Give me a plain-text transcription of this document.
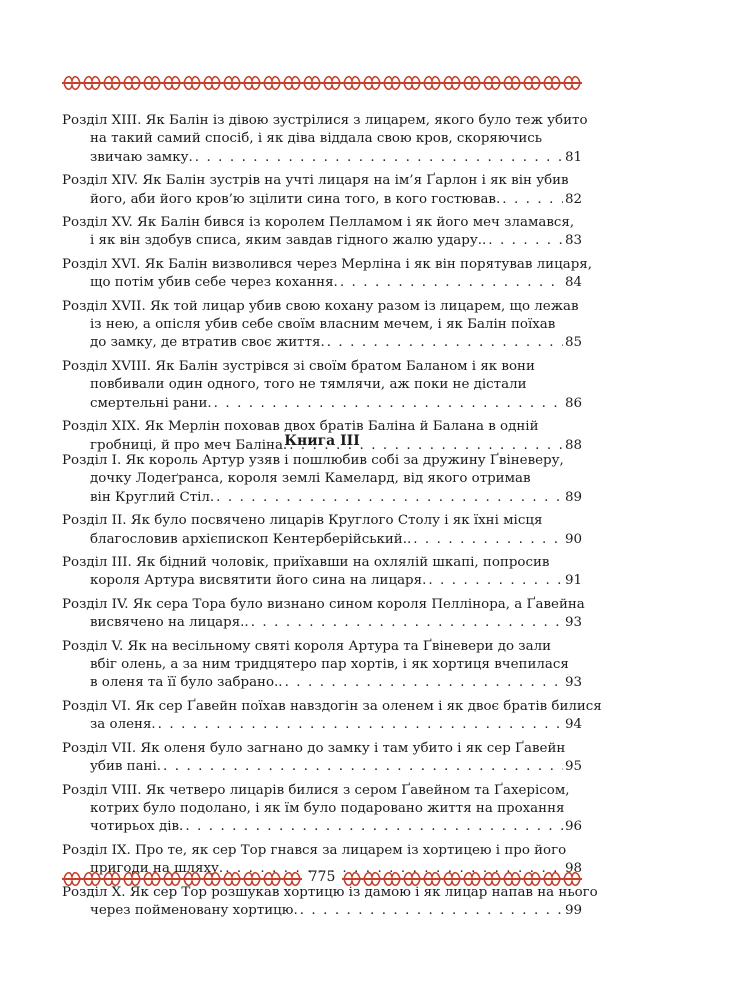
Розділ XIII. Як Балін із дівою зустрілися з лицарем, якого було теж убито
на такий самий спосіб, і як діва віддала свою кров, скоряючись
звичаю замку. . . .	81
Розділ XIV. Як Балін зустрів на учті лицаря на ім’я Ґарлон і як він убив
його, аби його кров’ю зцілити сина того, в кого гостював. . . .	82
Розділ XV. Як Балін бився із королем Пелламом і як його меч зламався,
і як він здобув списа, яким завдав гідного жалю удару.. . . .	83
Розділ XVI. Як Балін визволився через Мерліна і як він порятував лицаря,
що потім убив себе через кохання. . . .	84
Розділ XVII. Як той лицар убив свою кохану разом із лицарем, що лежав
із нею, а опісля убив себе своїм власним мечем, і як Балін поїхав
до замку, де втратив своє життя. . . .	85
Розділ XVIII. Як Балін зустрівся зі своїм братом Баланом і як вони
повбивали один одного, того не тямлячи, аж поки не дістали
смертельні рани. . . .	86
Розділ XIX. Як Мерлін поховав двох братів Баліна й Балана в одній
гробниці, й про меч Баліна. . . .	88
Книга ІІІ
Розділ I. Як король Артур узяв і пошлюбив собі за дружину Ґвіневеру,
дочку Лодеґранса, короля землі Камелард, від якого отримав
він Круглий Стіл. . . .	89
Розділ II. Як було посвячено лицарів Круглого Столу і як їхні місця
благословив архієпископ Кентерберійський.. . . .	90
Розділ III. Як бідний чоловік, приїхавши на охлялій шкапі, попросив
короля Артура висвятити його сина на лицаря. . . .	91
Розділ IV. Як сера Тора було визнано сином короля Пеллінора, а Ґавейна
висвячено на лицаря.. . . .	93
Розділ V. Як на весільному святі короля Артура та Ґвіневери до зали
вбіг олень, а за ним тридцятеро пар хортів, і як хортиця вчепилася
в оленя та її було забрано.. . . .	93
Розділ VI. Як сер Ґавейн поїхав навздогін за оленем і як двоє братів билися
за оленя. . . .	94
Розділ VII. Як оленя було загнано до замку і там убито і як сер Ґавейн
убив пані. . . .	95
Розділ VIII. Як четверо лицарів билися з сером Ґавейном та Ґахерісом,
котрих було подолано, і як їм було подаровано життя на прохання
чотирьох дів. . . .	96
Розділ IX. Про те, як сер Тор гнався за лицарем із хортицею і про його
пригоди на шляху. . . .	98
Розділ X. Як сер Тор розшукав хортицю із дамою і як лицар напав на нього
через пойменовану хортицю. . . .	99
775
